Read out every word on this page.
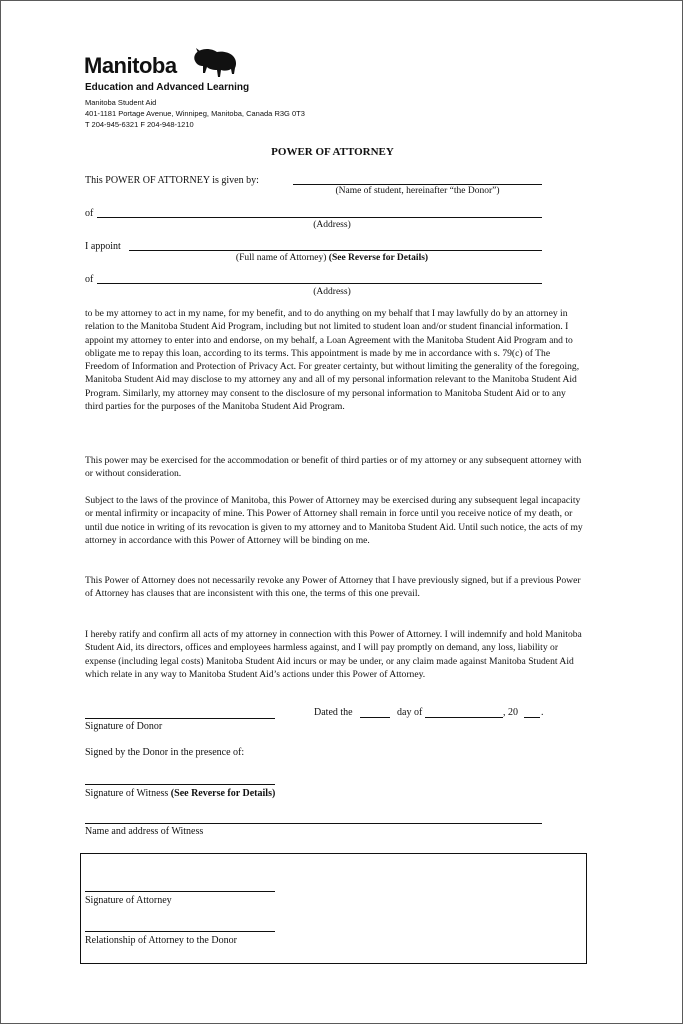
Manitoba
Education and Advanced Learning
Manitoba Student Aid
401-1181 Portage Avenue, Winnipeg, Manitoba, Canada R3G 0T3
T 204-945-6321 F 204-948-1210
POWER OF ATTORNEY
This POWER OF ATTORNEY is given by:
(Name of student, hereinafter “the Donor”)
of
(Address)
I appoint
(Full name of Attorney) (See Reverse for Details)
of
(Address)
to be my attorney to act in my name, for my benefit, and to do anything on my behalf that I may lawfully do by an attorney in relation to the Manitoba Student Aid Program, including but not limited to student loan and/or student financial information. I appoint my attorney to enter into and endorse, on my behalf, a Loan Agreement with the Manitoba Student Aid Program and to obligate me to repay this loan, according to its terms. This appointment is made by me in accordance with s. 79(c) of The Freedom of Information and Protection of Privacy Act. For greater certainty, but without limiting the generality of the foregoing, Manitoba Student Aid may disclose to my attorney any and all of my personal information relevant to the Manitoba Student Aid Program. Similarly, my attorney may consent to the disclosure of my personal information to Manitoba Student Aid or to any third parties for the purposes of the Manitoba Student Aid Program.
This power may be exercised for the accommodation or benefit of third parties or of my attorney or any subsequent attorney with or without consideration.
Subject to the laws of the province of Manitoba, this Power of Attorney may be exercised during any subsequent legal incapacity or mental infirmity or incapacity of mine. This Power of Attorney shall remain in force until you receive notice of my death, or until due notice in writing of its revocation is given to my attorney and to Manitoba Student Aid. Until such notice, the acts of my attorney in accordance with this Power of Attorney will be binding on me.
This Power of Attorney does not necessarily revoke any Power of Attorney that I have previously signed, but if a previous Power of Attorney has clauses that are inconsistent with this one, the terms of this one prevail.
I hereby ratify and confirm all acts of my attorney in connection with this Power of Attorney. I will indemnify and hold Manitoba Student Aid, its directors, offices and employees harmless against, and I will pay promptly on demand, any loss, liability or expense (including legal costs) Manitoba Student Aid incurs or may be under, or any claim made against Manitoba Student Aid which relate in any way to Manitoba Student Aid’s actions under this Power of Attorney.
Signature of Donor
Dated the	day of	, 20 .
Signed by the Donor in the presence of:
Signature of Witness (See Reverse for Details)
Name and address of Witness
Signature of Attorney
Relationship of Attorney to the Donor
